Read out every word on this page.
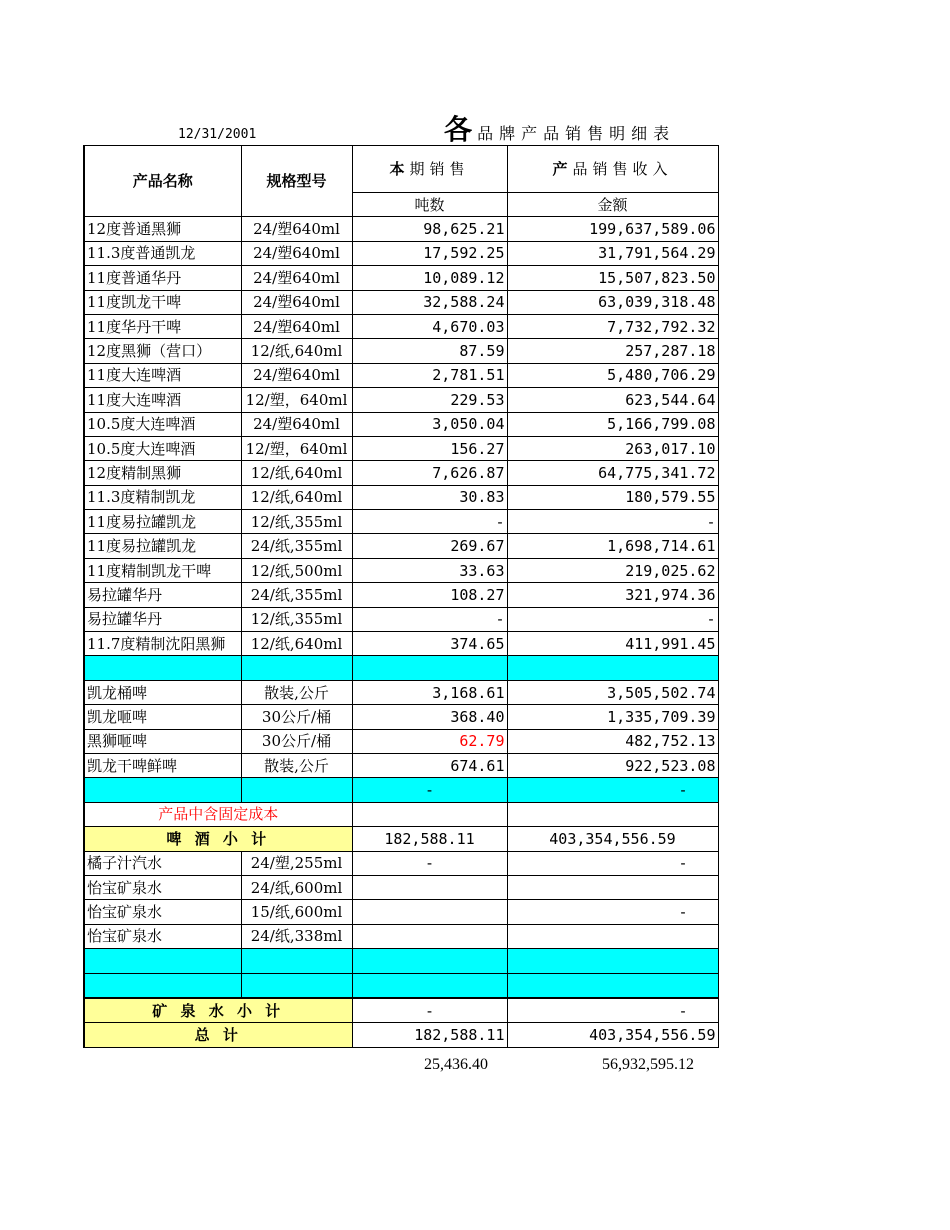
12/31/2001	各 品牌产品销售明细表
产品名称	规格型号	本期销售	产品销售收入
		吨数	金额
12度普通黑狮	24/塑640ml	98,625.21	199,637,589.06
11.3度普通凯龙	24/塑640ml	17,592.25	31,791,564.29
11度普通华丹	24/塑640ml	10,089.12	15,507,823.50
11度凯龙干啤	24/塑640ml	32,588.24	63,039,318.48
11度华丹干啤	24/塑640ml	4,670.03	7,732,792.32
12度黑狮（营口）	12/纸,640ml	87.59	257,287.18
11度大连啤酒	24/塑640ml	2,781.51	5,480,706.29
11度大连啤酒	12/塑，640ml	229.53	623,544.64
10.5度大连啤酒	24/塑640ml	3,050.04	5,166,799.08
10.5度大连啤酒	12/塑，640ml	156.27	263,017.10
12度精制黑狮	12/纸,640ml	7,626.87	64,775,341.72
11.3度精制凯龙	12/纸,640ml	30.83	180,579.55
11度易拉罐凯龙	12/纸,355ml	-	-
11度易拉罐凯龙	24/纸,355ml	269.67	1,698,714.61
11度精制凯龙干啤	12/纸,500ml	33.63	219,025.62
易拉罐华丹	24/纸,355ml	108.27	321,974.36
易拉罐华丹	12/纸,355ml	-	-
11.7度精制沈阳黑狮	12/纸,640ml	374.65	411,991.45

凯龙桶啤	散装,公斤	3,168.61	3,505,502.74
凯龙咂啤	30公斤/桶	368.40	1,335,709.39
黑狮咂啤	30公斤/桶	62.79	482,752.13
凯龙干啤鲜啤	散装,公斤	674.61	922,523.08
		-	-
产品中含固定成本			
啤 酒 小 计		182,588.11	403,354,556.59
橘子汁汽水	24/塑,255ml	-	-
怡宝矿泉水	24/纸,600ml		
怡宝矿泉水	15/纸,600ml		-
怡宝矿泉水	24/纸,338ml		

矿 泉 水 小 计		-	-
总 计		182,588.11	403,354,556.59
25,436.40	56,932,595.12
